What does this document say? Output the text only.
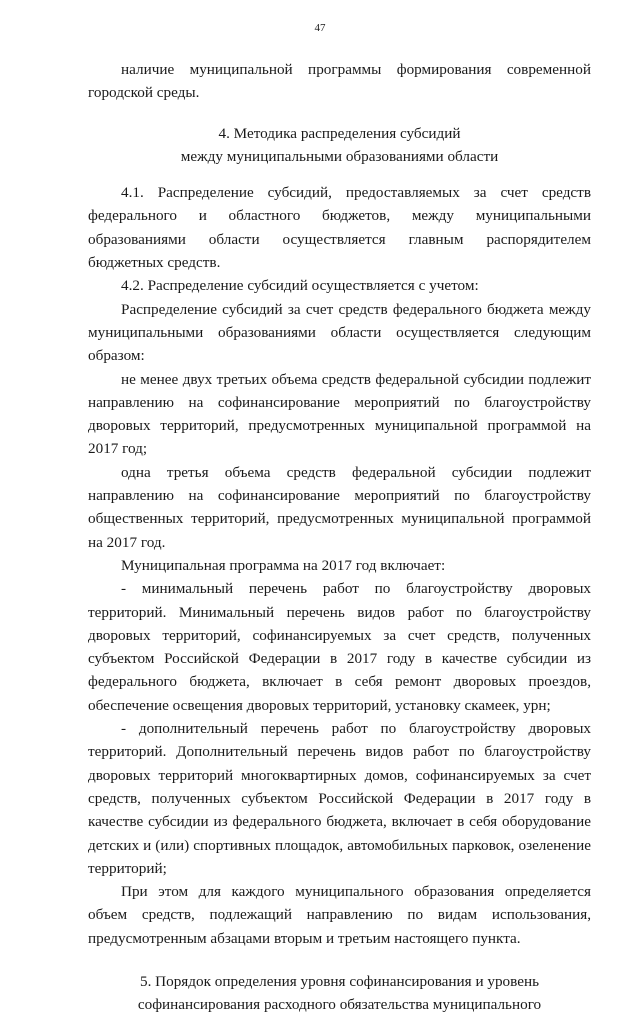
47

наличие муниципальной программы формирования современной городской среды.

4. Методика распределения субсидий

между муниципальными образованиями области

4.1. Распределение субсидий, предоставляемых за счет средств федерального и областного бюджетов, между муниципальными образованиями области осуществляется главным распорядителем бюджетных средств.

4.2. Распределение субсидий осуществляется с учетом:

Распределение субсидий за счет средств федерального бюджета между муниципальными образованиями области осуществляется следующим образом:

не менее двух третьих объема средств федеральной субсидии подлежит направлению на софинансирование мероприятий по благоустройству дворовых территорий, предусмотренных муниципальной программой на 2017 год;

одна третья объема средств федеральной субсидии подлежит направлению на софинансирование мероприятий по благоустройству общественных территорий, предусмотренных муниципальной программой на 2017 год.

Муниципальная программа на 2017 год включает:

- минимальный перечень работ по благоустройству дворовых территорий. Минимальный перечень видов работ по благоустройству дворовых территорий, софинансируемых за счет средств, полученных субъектом Российской Федерации в 2017 году в качестве субсидии из федерального бюджета, включает в себя ремонт дворовых проездов, обеспечение освещения дворовых территорий, установку скамеек, урн;

- дополнительный перечень работ по благоустройству дворовых территорий. Дополнительный перечень видов работ по благоустройству дворовых территорий многоквартирных домов, софинансируемых за счет средств, полученных субъектом Российской Федерации в 2017 году в качестве субсидии из федерального бюджета, включает в себя оборудование детских и (или) спортивных площадок, автомобильных парковок, озеленение территорий;

При этом для каждого муниципального образования определяется объем средств, подлежащий направлению по видам использования, предусмотренным абзацами вторым и третьим настоящего пункта.

5. Порядок определения уровня софинансирования и уровень

софинансирования расходного обязательства муниципального
